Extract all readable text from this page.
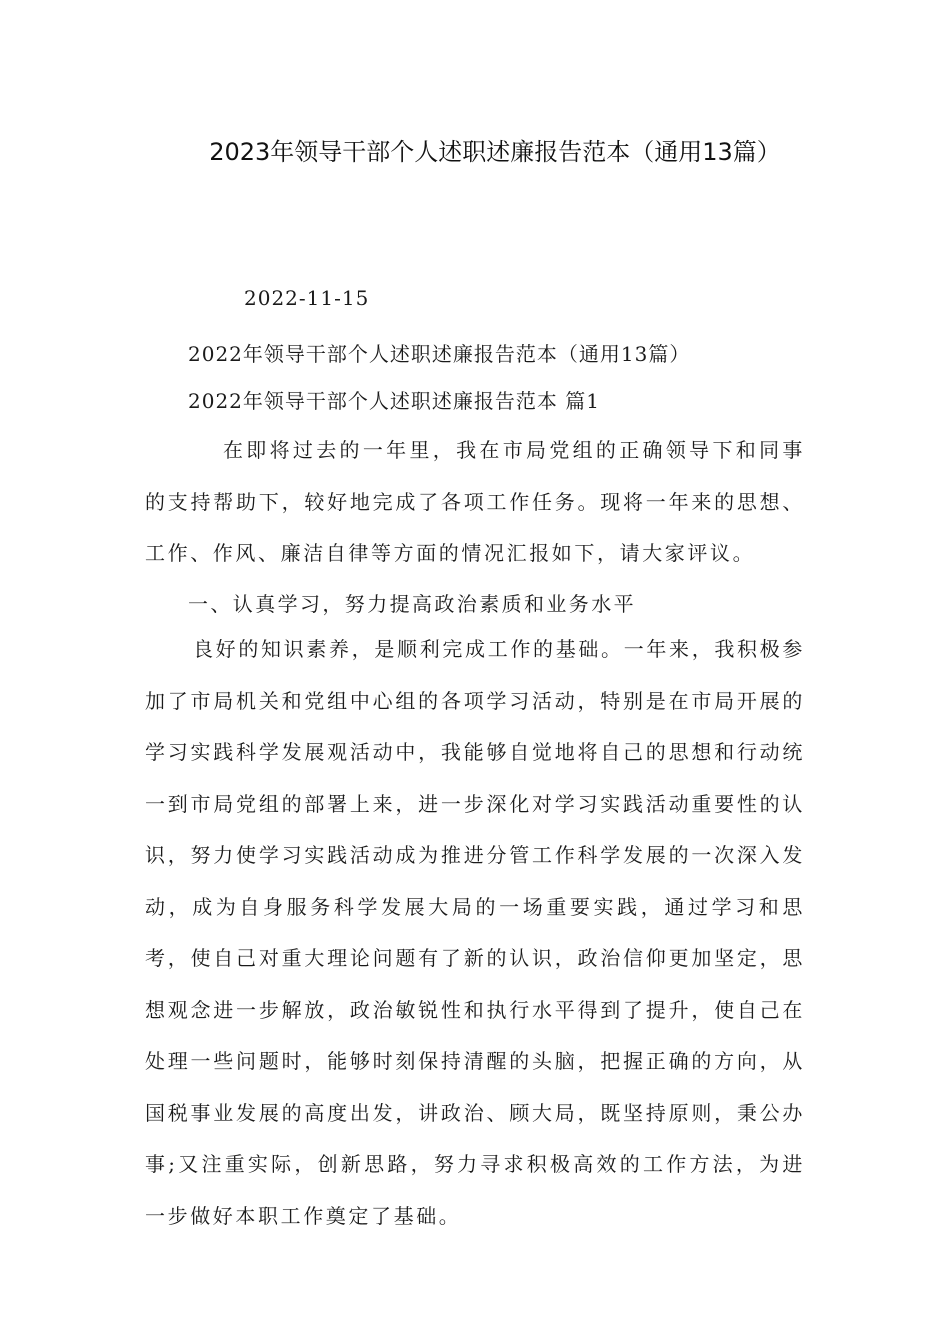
2023年领导干部个人述职述廉报告范本（通用13篇）
2022-11-15
2022年领导干部个人述职述廉报告范本（通用13篇）
2022年领导干部个人述职述廉报告范本 篇1

在即将过去的一年里，我在市局党组的正确领导下和同事的支持帮助下，较好地完成了各项工作任务。现将一年来的思想、工作、作风、廉洁自律等方面的情况汇报如下，请大家评议。

一、认真学习，努力提高政治素质和业务水平

良好的知识素养，是顺利完成工作的基础。一年来，我积极参加了市局机关和党组中心组的各项学习活动，特别是在市局开展的学习实践科学发展观活动中，我能够自觉地将自己的思想和行动统一到市局党组的部署上来，进一步深化对学习实践活动重要性的认识，努力使学习实践活动成为推进分管工作科学发展的一次深入发动，成为自身服务科学发展大局的一场重要实践，通过学习和思考，使自己对重大理论问题有了新的认识，政治信仰更加坚定，思想观念进一步解放，政治敏锐性和执行水平得到了提升，使自己在处理一些问题时，能够时刻保持清醒的头脑，把握正确的方向，从国税事业发展的高度出发，讲政治、顾大局，既坚持原则，秉公办事;又注重实际，创新思路，努力寻求积极高效的工作方法，为进一步做好本职工作奠定了基础。
